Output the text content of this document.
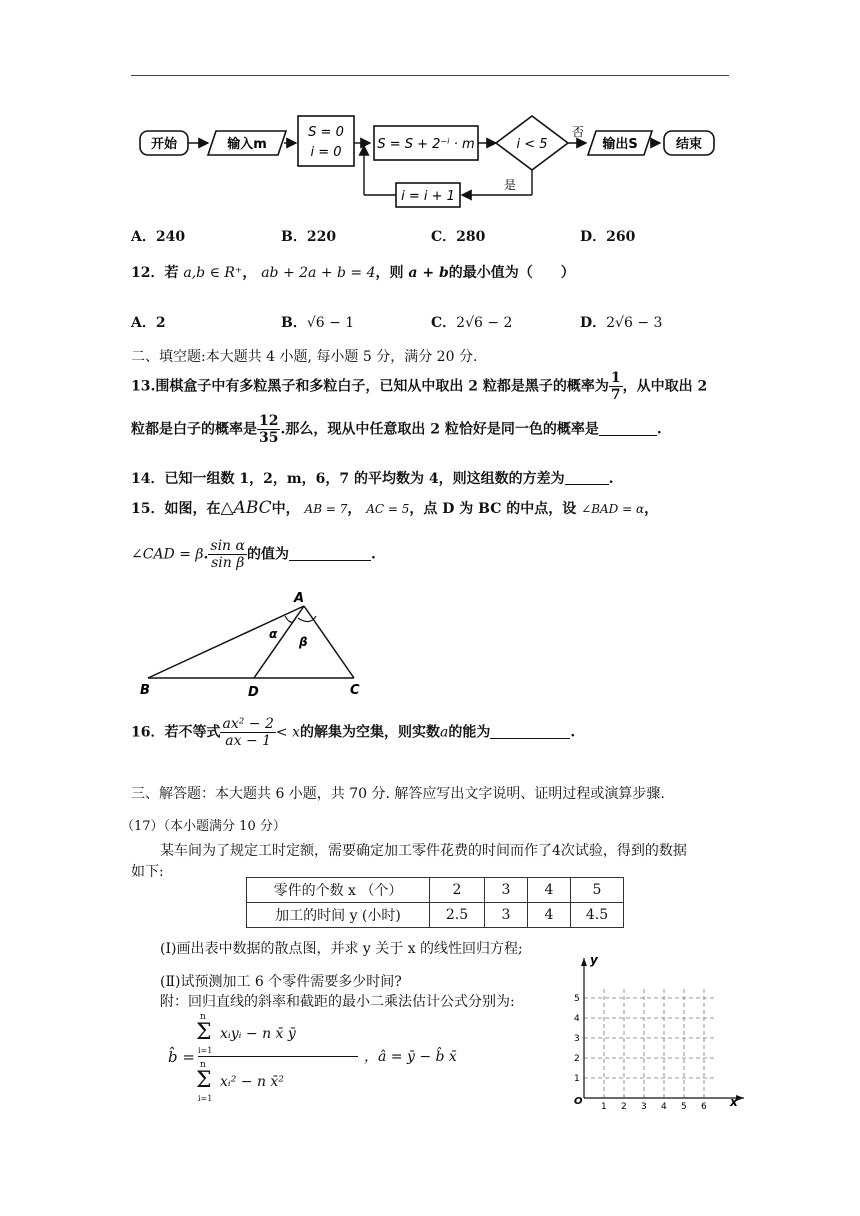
开始	输入m
S = 0
i = 0
S = S + 2⁻ⁱ · m	i < 5
否
输出S	结束
是
i = i + 1
A．240	B．220	C．280	D．260
12．若 a,b ∈ R⁺， ab + 2a + b = 4，则 a + b的最小值为（　　）
A．2	B．√6 − 1	C．2√6 − 2	D．2√6 − 3
二、填空题:本大题共 4 小题, 每小题 5 分，满分 20 分.
13.围棋盒子中有多粒黑子和多粒白子，已知从中取出 2 粒都是黑子的概率为 $\frac{1}{7}$ ，从中取出 2
粒都是白子的概率是 $\frac{12}{35}$ .那么，现从中任意取出 2 粒恰好是同一色的概率是	.
14．已知一组数 1，2，m，6，7 的平均数为 4，则这组数的方差为	.
15．如图，在△ABC中， AB = 7， AC = 5，点 D 为 BC 的中点，设 ∠BAD = α，
∠CAD = β. $\frac{\text{sin α}}{\text{sin β}}$ 的值为	.
A
B	C
D
α
β
16．若不等式 $\frac{\text{ax² − 2}}{ax - 1} < x$的解集为空集，则实数a的能为	.
三、解答题：本大题共 6 小题，共 70 分. 解答应写出文字说明、证明过程或演算步骤.
（17）（本小题满分 10 分）
某车间为了规定工时定额，需要确定加工零件花费的时间而作了4次试验，得到的数据
如下:
零件的个数 x （个）	2	3	4	5
加工的时间 y (小时)	2.5	3	4	4.5
(Ⅰ)画出表中数据的散点图，并求 y 关于 x 的线性回归方程;
(Ⅱ)试预测加工 6 个零件需要多少时间?
附：回归直线的斜率和截距的最小二乘法估计公式分别为:
b̂ =
n
Σ
i=1
xᵢyᵢ − n x̄ ȳ
n
Σ
i=1
xᵢ² − n x̄²
，â = ȳ − b̂ x̄
1 2 3 4 5 6
1
2
3
4
5
y
x
O
